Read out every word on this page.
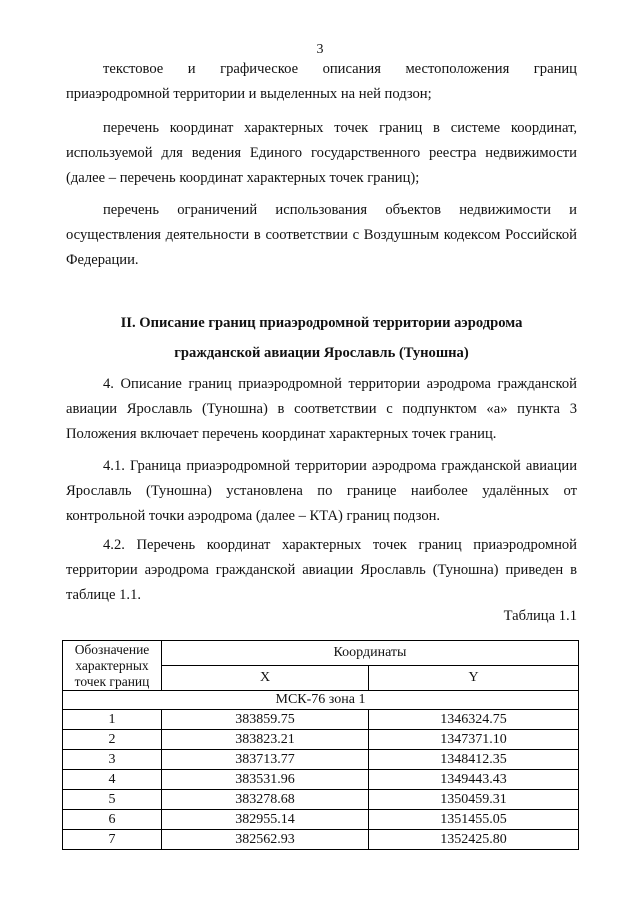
3

текстовое и графическое описания местоположения границ приаэродромной территории и выделенных на ней подзон;

перечень координат характерных точек границ в системе координат, используемой для ведения Единого государственного реестра недвижимости (далее – перечень координат характерных точек границ);

перечень ограничений использования объектов недвижимости и осуществления деятельности в соответствии с Воздушным кодексом Российской Федерации.

II. Описание границ приаэродромной территории аэродрома
гражданской авиации Ярославль (Туношна)

4. Описание границ приаэродромной территории аэродрома гражданской авиации Ярославль (Туношна) в соответствии с подпунктом «а» пункта 3 Положения включает перечень координат характерных точек границ.

4.1. Граница приаэродромной территории аэродрома гражданской авиации Ярославль (Туношна) установлена по границе наиболее удалённых от контрольной точки аэродрома (далее – КТА) границ подзон.

4.2. Перечень координат характерных точек границ приаэродромной территории аэродрома гражданской авиации Ярославль (Туношна) приведен в таблице 1.1.

Таблица 1.1
Обозначение характерных точек границ	Координаты	
	X	Y
МСК-76 зона 1		
1	383859.75	1346324.75
2	383823.21	1347371.10
3	383713.77	1348412.35
4	383531.96	1349443.43
5	383278.68	1350459.31
6	382955.14	1351455.05
7	382562.93	1352425.80
